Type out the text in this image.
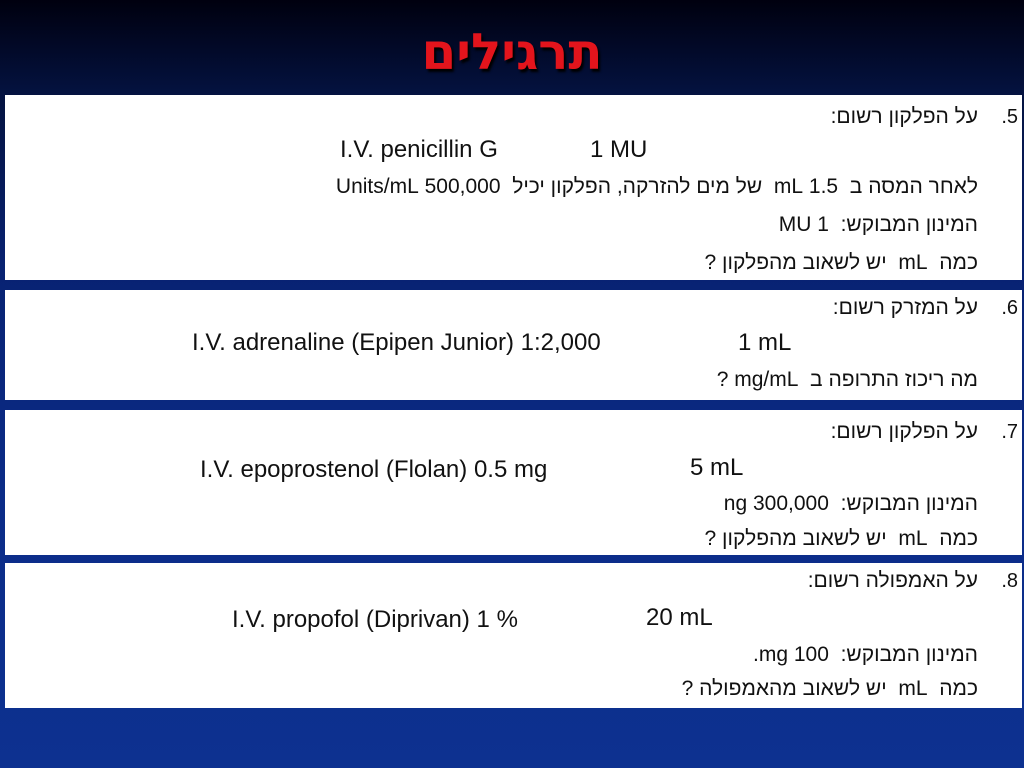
תרגילים
.5
על הפלקון רשום:
I.V. penicillin G	1 MU
לאחר המסה ב  1.5 mL  של מים להזרקה, הפלקון יכיל  500,000 Units/mL
המינון המבוקש:  1 MU
כמה  mL  יש לשאוב מהפלקון ?
.6
על המזרק רשום:
I.V. adrenaline (Epipen Junior) 1:2,000	1 mL
מה ריכוז התרופה ב  mg/mL ?
.7
על הפלקון רשום:
I.V. epoprostenol (Flolan) 0.5 mg	5 mL
המינון המבוקש:  300,000 ng
כמה  mL  יש לשאוב מהפלקון ?
.8
על האמפולה רשום:
I.V. propofol (Diprivan) 1 %	20 mL
המינון המבוקש:  100 mg.
כמה  mL  יש לשאוב מהאמפולה ?
